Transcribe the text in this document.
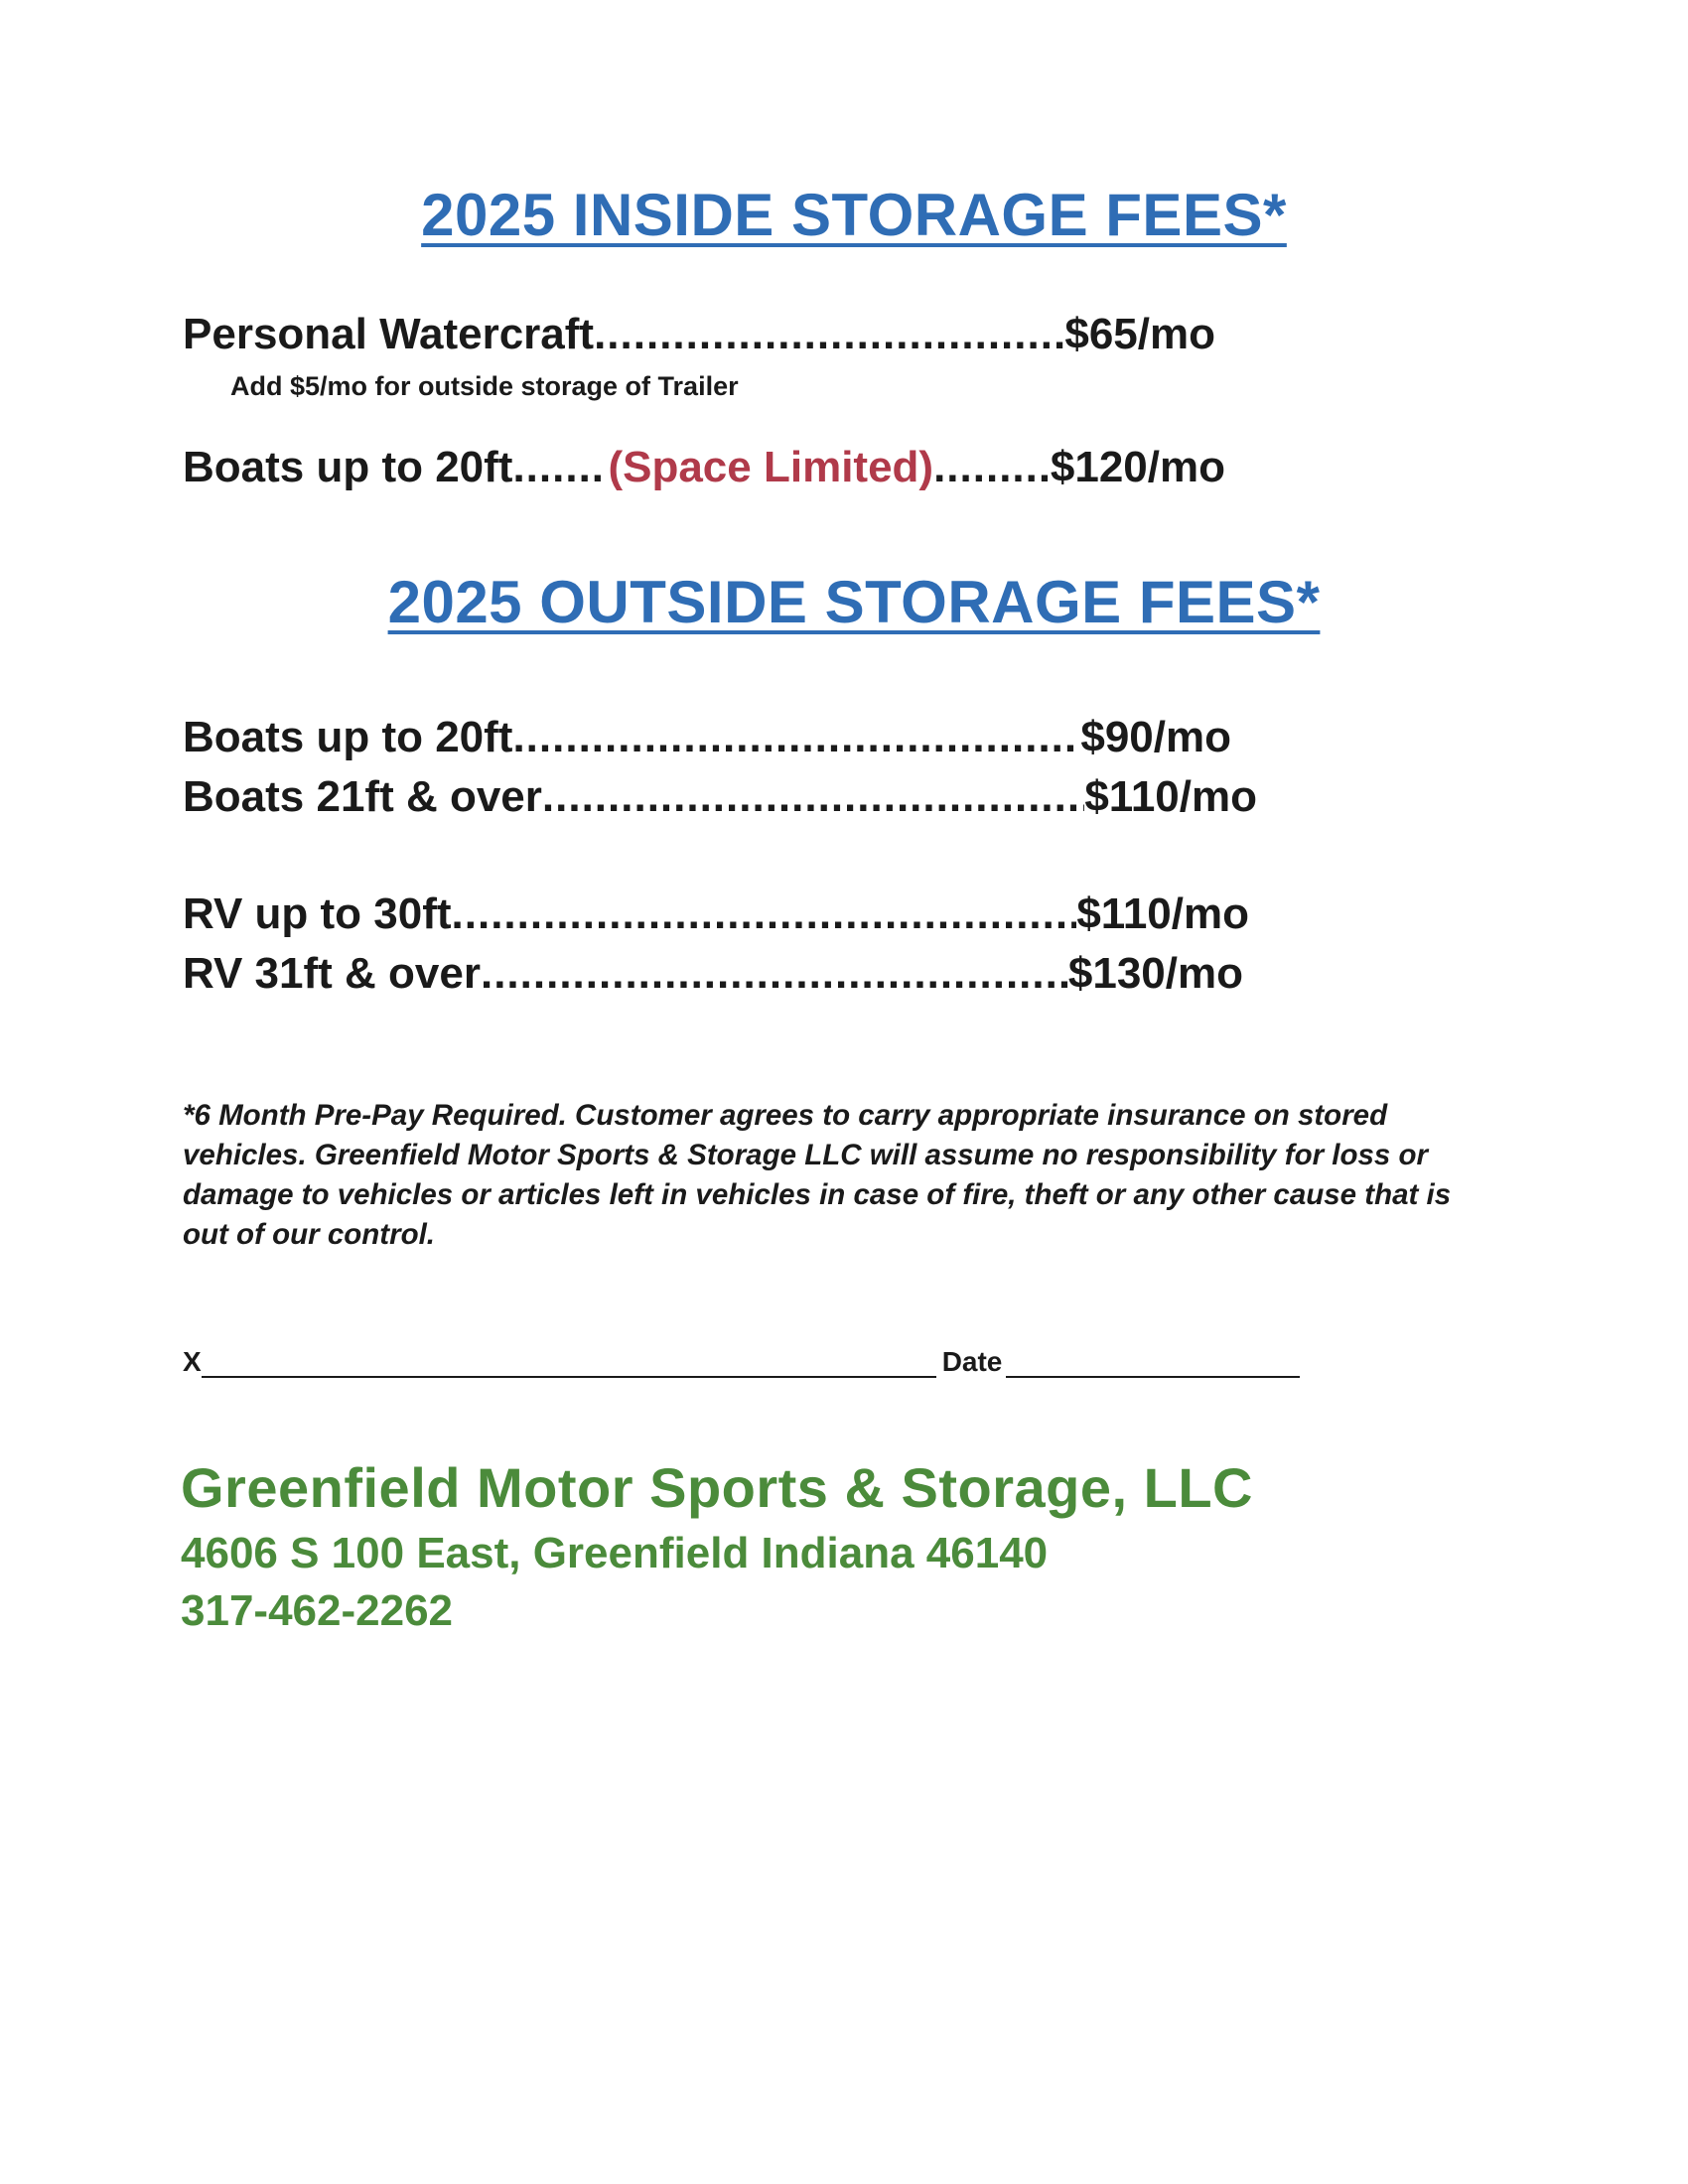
2025 INSIDE STORAGE FEES*
Personal Watercraft .....	$65/mo
Add $5/mo for outside storage of Trailer
Boats up to 20ft ..... (Space Limited) .....	$120/mo
2025 OUTSIDE STORAGE FEES*
Boats up to 20ft .....	$90/mo
Boats 21ft & over .....	$110/mo
RV up to 30ft .....	$110/mo
RV 31ft & over .....	$130/mo
*6 Month Pre-Pay Required. Customer agrees to carry appropriate insurance on stored vehicles. Greenfield Motor Sports & Storage LLC will assume no responsibility for loss or damage to vehicles or articles left in vehicles in case of fire, theft or any other cause that is out of our control.
X	Date
Greenfield Motor Sports & Storage, LLC
4606 S 100 East, Greenfield Indiana 46140
317-462-2262
